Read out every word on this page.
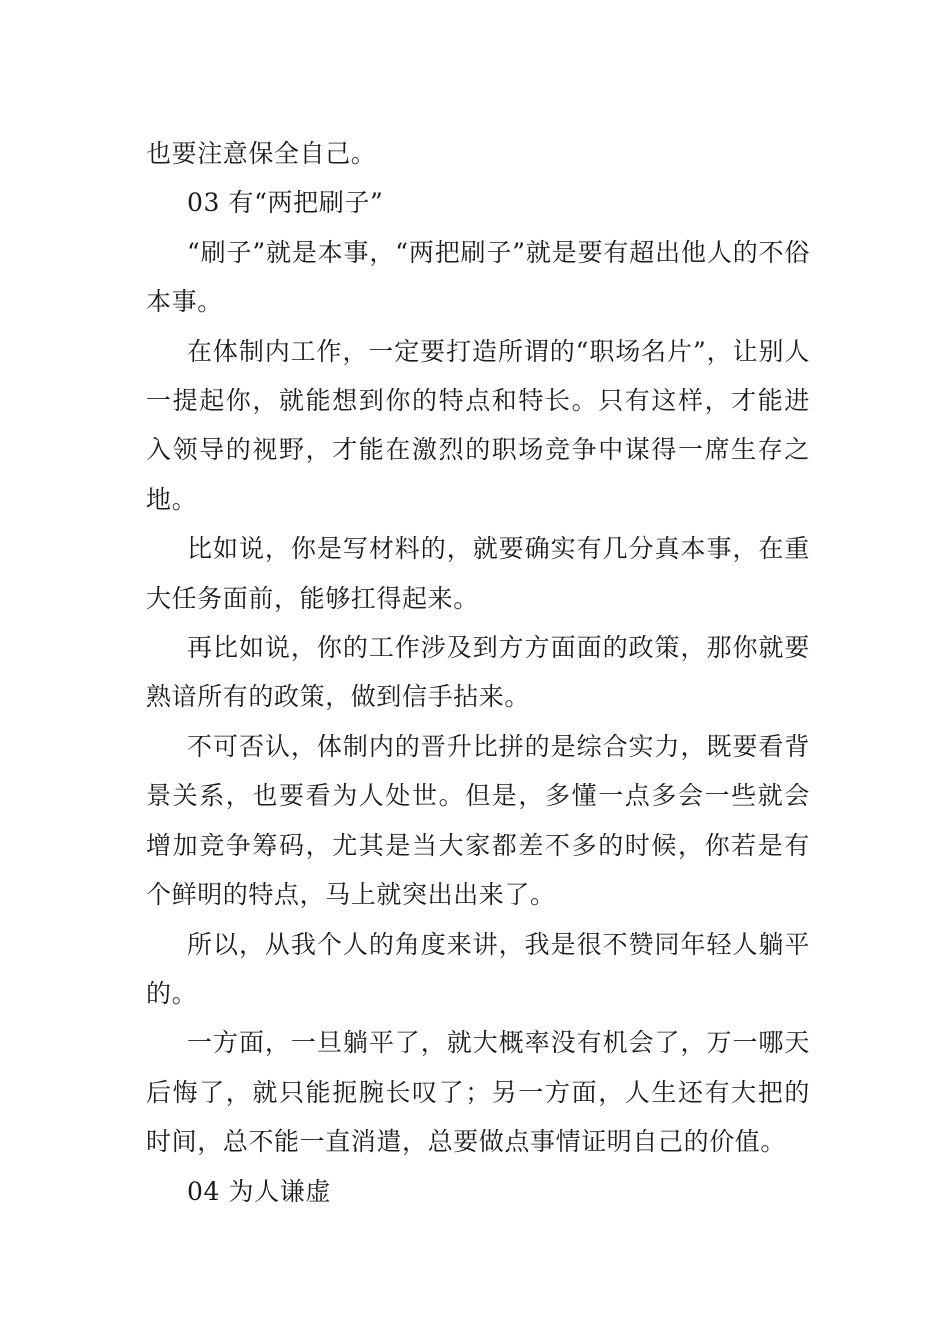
也要注意保全自己。

03 有“两把刷子”

“刷子”就是本事，“两把刷子”就是要有超出他人的不俗本事。

在体制内工作，一定要打造所谓的“职场名片”，让别人一提起你，就能想到你的特点和特长。只有这样，才能进入领导的视野，才能在激烈的职场竞争中谋得一席生存之地。

比如说，你是写材料的，就要确实有几分真本事，在重大任务面前，能够扛得起来。

再比如说，你的工作涉及到方方面面的政策，那你就要熟谙所有的政策，做到信手拈来。

不可否认，体制内的晋升比拼的是综合实力，既要看背景关系，也要看为人处世。但是，多懂一点多会一些就会增加竞争筹码，尤其是当大家都差不多的时候，你若是有个鲜明的特点，马上就突出出来了。

所以，从我个人的角度来讲，我是很不赞同年轻人躺平的。

一方面，一旦躺平了，就大概率没有机会了，万一哪天后悔了，就只能扼腕长叹了；另一方面，人生还有大把的时间，总不能一直消遣，总要做点事情证明自己的价值。

04 为人谦虚
